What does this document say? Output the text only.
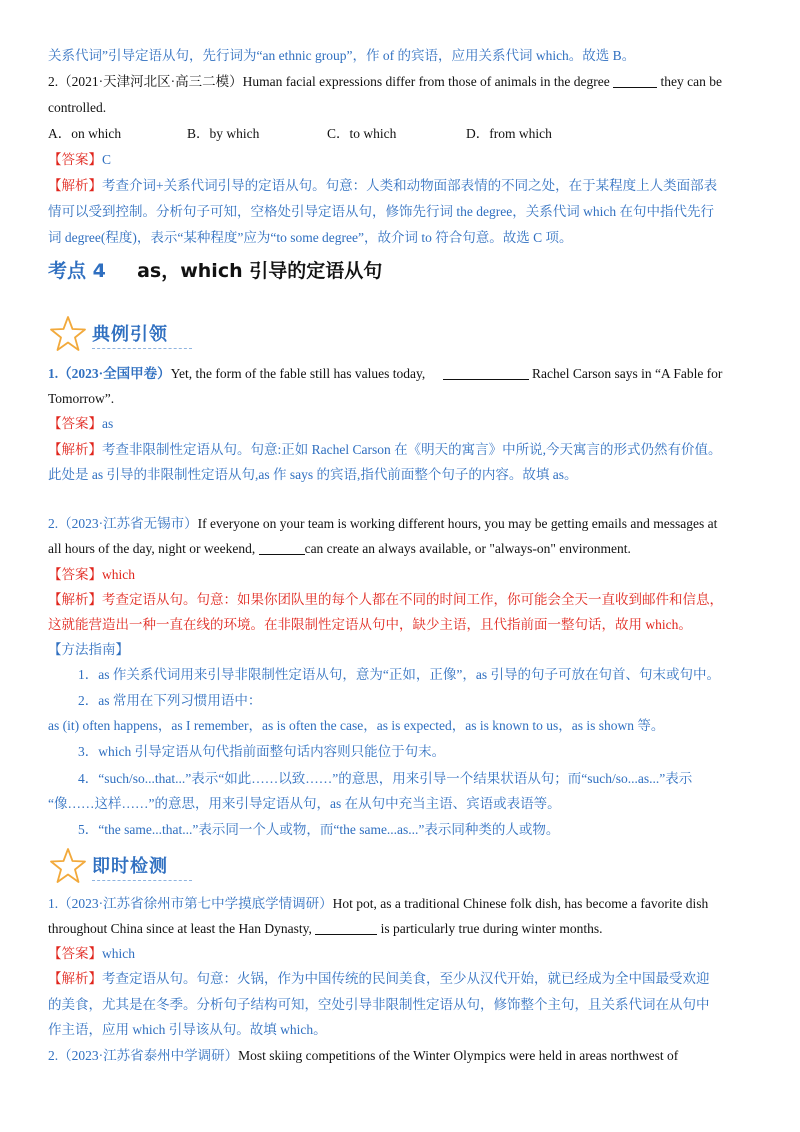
关系代词”引导定语从句，先行词为“an ethnic group”，作 of 的宾语，应用关系代词 which。故选 B。
2.（2021·天津河北区·高三二模）Human facial expressions differ from those of animals in the degree	they can be
controlled.
A．on which	B．by which	C．to which	D．from which
【答案】C
【解析】考查介词+关系代词引导的定语从句。句意：人类和动物面部表情的不同之处，在于某程度上人类面部表
情可以受到控制。分析句子可知，空格处引导定语从句，修饰先行词 the degree，关系代词 which 在句中指代先行
词 degree(程度)，表示“某种程度”应为“to some degree”，故介词 to 符合句意。故选 C 项。
考点 4 as，which 引导的定语从句
典例引领
1.（2023·全国甲卷）Yet, the form of the fable still has values today,	Rachel Carson says in “A Fable for
Tomorrow”.
【答案】as
【解析】考查非限制性定语从句。句意:正如 Rachel Carson 在《明天的寓言》中所说,今天寓言的形式仍然有价值。
此处是 as 引导的非限制性定语从句,as 作 says 的宾语,指代前面整个句子的内容。故填 as。
2.（2023·江苏省无锡市）If everyone on your team is working different hours, you may be getting emails and messages at
all hours of the day, night or weekend,	can create an always available, or "always-on" environment.
【答案】which
【解析】考查定语从句。句意：如果你团队里的每个人都在不同的时间工作，你可能会全天一直收到邮件和信息，
这就能营造出一种一直在线的环境。在非限制性定语从句中，缺少主语，且代指前面一整句话，故用 which。
【方法指南】
1．as 作关系代词用来引导非限制性定语从句，意为“正如，正像”，as 引导的句子可放在句首、句末或句中。
2．as 常用在下列习惯用语中：
as (it) often happens，as I remember，as is often the case，as is expected，as is known to us，as is shown 等。
3．which 引导定语从句代指前面整句话内容则只能位于句末。
4．“such/so...that...”表示“如此……以致……”的意思，用来引导一个结果状语从句；而“such/so...as...”表示
“像……这样……”的意思，用来引导定语从句，as 在从句中充当主语、宾语或表语等。
5．“the same...that...”表示同一个人或物，而“the same...as...”表示同种类的人或物。
即时检测
1.（2023·江苏省徐州市第七中学摸底学情调研）Hot pot, as a traditional Chinese folk dish, has become a favorite dish
throughout China since at least the Han Dynasty,	is particularly true during winter months.
【答案】which
【解析】考查定语从句。句意：火锅，作为中国传统的民间美食，至少从汉代开始，就已经成为全中国最受欢迎
的美食，尤其是在冬季。分析句子结构可知，空处引导非限制性定语从句，修饰整个主句，且关系代词在从句中
作主语，应用 which 引导该从句。故填 which。
2.（2023·江苏省泰州中学调研）Most skiing competitions of the Winter Olympics were held in areas northwest of
